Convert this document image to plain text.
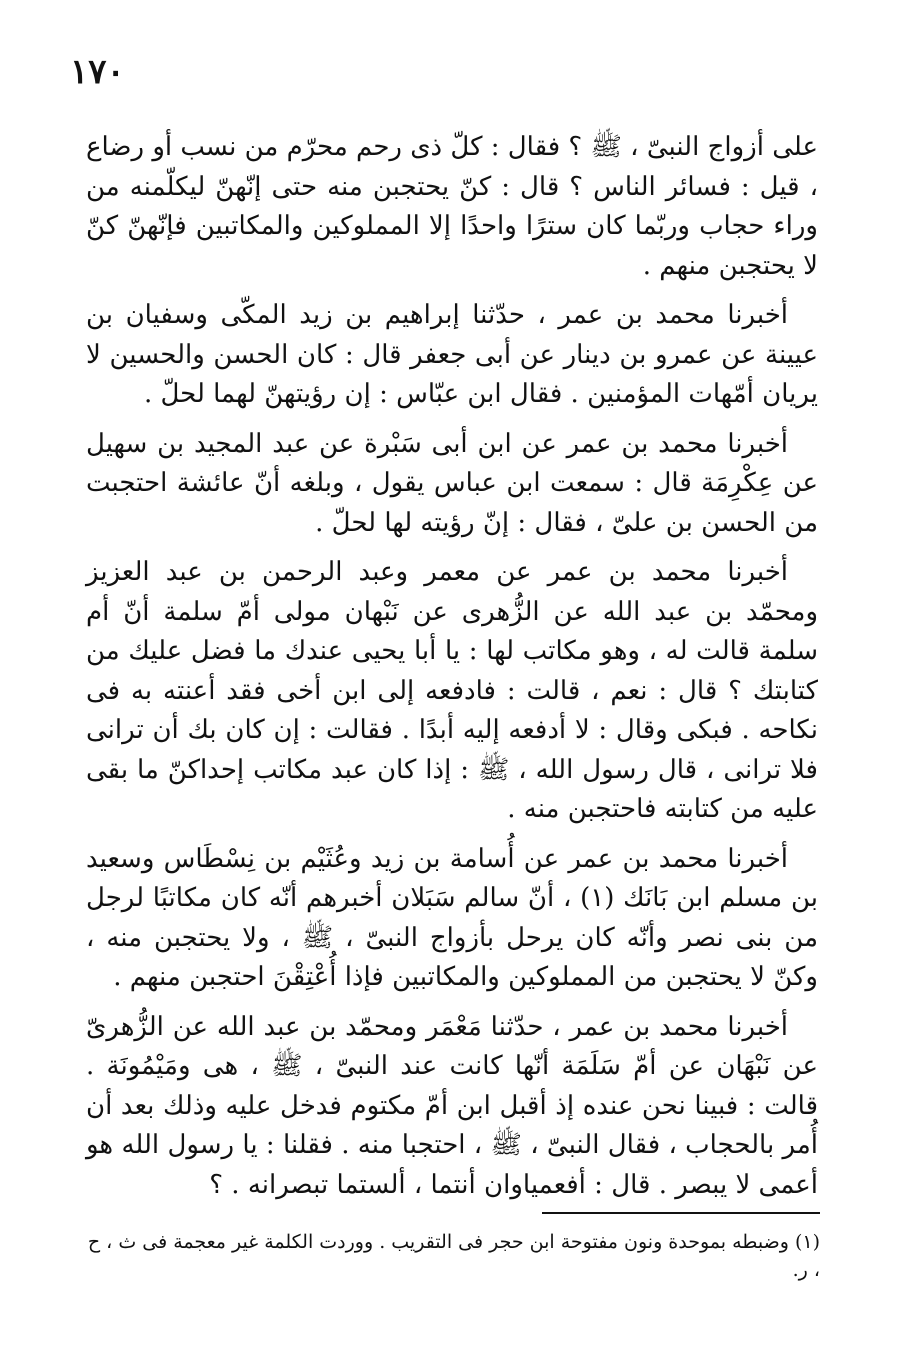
١٧٠

على أزواج النبىّ ، ﷺ ؟ فقال : كلّ ذى رحم محرّم من نسب أو رضاع ، قيل : فسائر الناس ؟ قال : كنّ يحتجبن منه حتى إنّهنّ ليكلّمنه من وراء حجاب وربّما كان سترًا واحدًا إلا المملوكين والمكاتبين فإنّهنّ كنّ لا يحتجبن منهم .

أخبرنا محمد بن عمر ، حدّثنا إبراهيم بن زيد المكّى وسفيان بن عيينة عن عمرو بن دينار عن أبى جعفر قال : كان الحسن والحسين لا يريان أمّهات المؤمنين . فقال ابن عبّاس : إن رؤيتهنّ لهما لحلّ .

أخبرنا محمد بن عمر عن ابن أبى سَبْرة عن عبد المجيد بن سهيل عن عِكْرِمَة قال : سمعت ابن عباس يقول ، وبلغه أنّ عائشة احتجبت من الحسن بن علىّ ، فقال : إنّ رؤيته لها لحلّ .

أخبرنا محمد بن عمر عن معمر وعبد الرحمن بن عبد العزيز ومحمّد بن عبد الله عن الزُّهرى عن نَبْهان مولى أمّ سلمة أنّ أم سلمة قالت له ، وهو مكاتب لها : يا أبا يحيى عندك ما فضل عليك من كتابتك ؟ قال : نعم ، قالت : فادفعه إلى ابن أخى فقد أعنته به فى نكاحه . فبكى وقال : لا أدفعه إليه أبدًا . فقالت : إن كان بك أن ترانى فلا ترانى ، قال رسول الله ، ﷺ : إذا كان عبد مكاتب إحداكنّ ما بقى عليه من كتابته فاحتجبن منه .

أخبرنا محمد بن عمر عن أُسامة بن زيد وعُثَيْم بن نِسْطَاس وسعيد بن مسلم ابن بَانَك (١) ، أنّ سالم سَبَلان أخبرهم أنّه كان مكاتبًا لرجل من بنى نصر وأنّه كان يرحل بأزواج النبىّ ، ﷺ ، ولا يحتجبن منه ، وكنّ لا يحتجبن من المملوكين والمكاتبين فإذا أُعْتِقْنَ احتجبن منهم .

أخبرنا محمد بن عمر ، حدّثنا مَعْمَر ومحمّد بن عبد الله عن الزُّهرىّ عن نَبْهَان عن أمّ سَلَمَة أنّها كانت عند النبىّ ، ﷺ ، هى ومَيْمُونَة . قالت : فبينا نحن عنده إذ أقبل ابن أمّ مكتوم فدخل عليه وذلك بعد أن أُمر بالحجاب ، فقال النبىّ ، ﷺ ، احتجبا منه . فقلنا : يا رسول الله هو أعمى لا يبصر . قال : أفعمياوان أنتما ، ألستما تبصرانه . ؟

(١) وضبطه بموحدة ونون مفتوحة ابن حجر فى التقريب . ووردت الكلمة غير معجمة فى ث ، ح ، ر.
